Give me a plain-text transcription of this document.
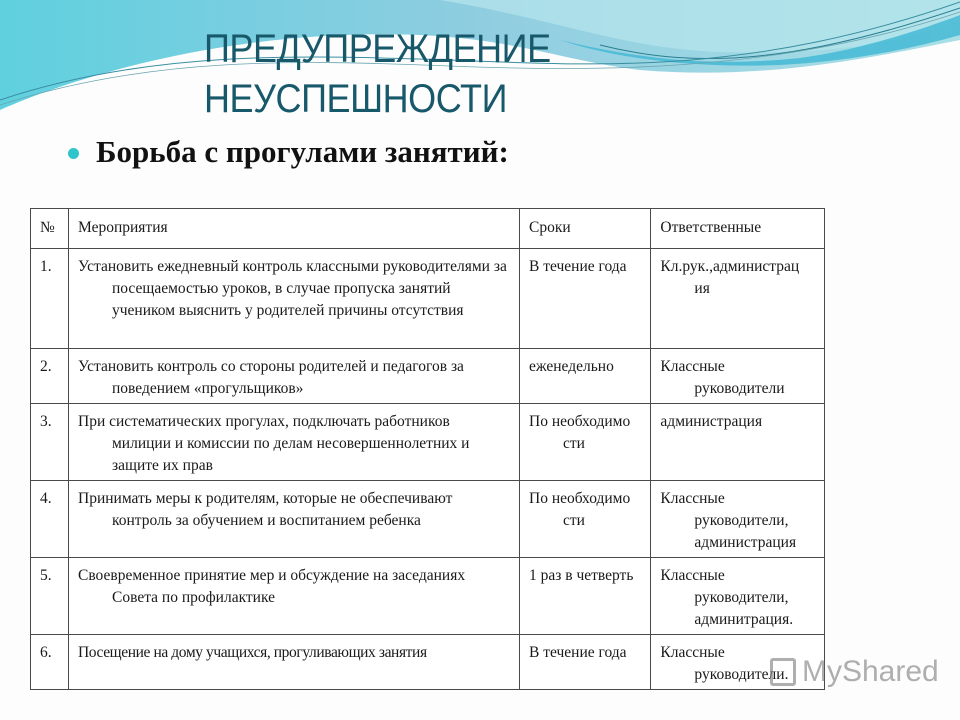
ПРЕДУПРЕЖДЕНИЕ НЕУСПЕШНОСТИ
Борьба с прогулами занятий:
№	Мероприятия	Сроки	Ответственные
1.	Установить ежедневный контроль классными руководителями за посещаемостью уроков, в случае пропуска занятий учеником выяснить у родителей причины отсутствия	В течение года	Кл.рук.,администрац ия
2.	Установить контроль со стороны родителей и педагогов за поведением «прогульщиков»	еженедельно	Классные руководители
3.	При систематических прогулах, подключать работников милиции и комиссии по делам несовершеннолетних и защите их прав	По необходимо сти	администрация
4.	Принимать меры к родителям, которые не обеспечивают контроль за обучением и воспитанием ребенка	По необходимо сти	Классные руководители, администрация
5.	Своевременное принятие мер и обсуждение на заседаниях Совета по профилактике	1 раз в четверть	Классные руководители, админитрация.
6.	Посещение на дому учащихся, прогуливающих занятия	В течение года	Классные руководители. MyShared
